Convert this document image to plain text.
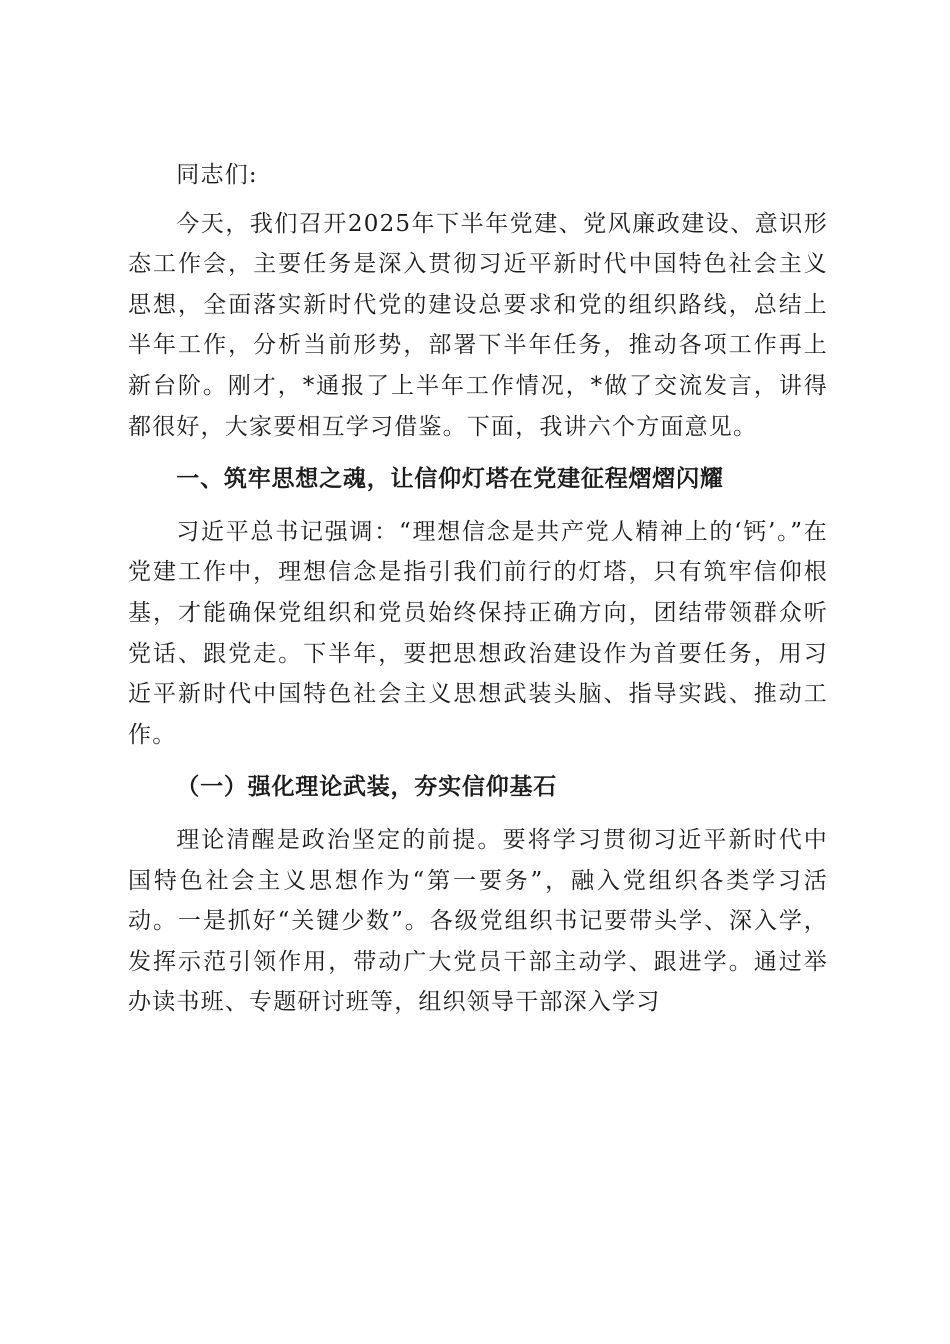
同志们:

今天，我们召开2025年下半年党建、党风廉政建设、意识形态工作会，主要任务是深入贯彻习近平新时代中国特色社会主义思想，全面落实新时代党的建设总要求和党的组织路线，总结上半年工作，分析当前形势，部署下半年任务，推动各项工作再上新台阶。刚才，*通报了上半年工作情况，*做了交流发言，讲得都很好，大家要相互学习借鉴。下面，我讲六个方面意见。

一、筑牢思想之魂，让信仰灯塔在党建征程熠熠闪耀

习近平总书记强调：“理想信念是共产党人精神上的‘钙’。”在党建工作中，理想信念是指引我们前行的灯塔，只有筑牢信仰根基，才能确保党组织和党员始终保持正确方向，团结带领群众听党话、跟党走。下半年，要把思想政治建设作为首要任务，用习近平新时代中国特色社会主义思想武装头脑、指导实践、推动工作。

（一）强化理论武装，夯实信仰基石

理论清醒是政治坚定的前提。要将学习贯彻习近平新时代中国特色社会主义思想作为“第一要务”，融入党组织各类学习活动。一是抓好“关键少数”。各级党组织书记要带头学、深入学，发挥示范引领作用，带动广大党员干部主动学、跟进学。通过举办读书班、专题研讨班等，组织领导干部深入学习
